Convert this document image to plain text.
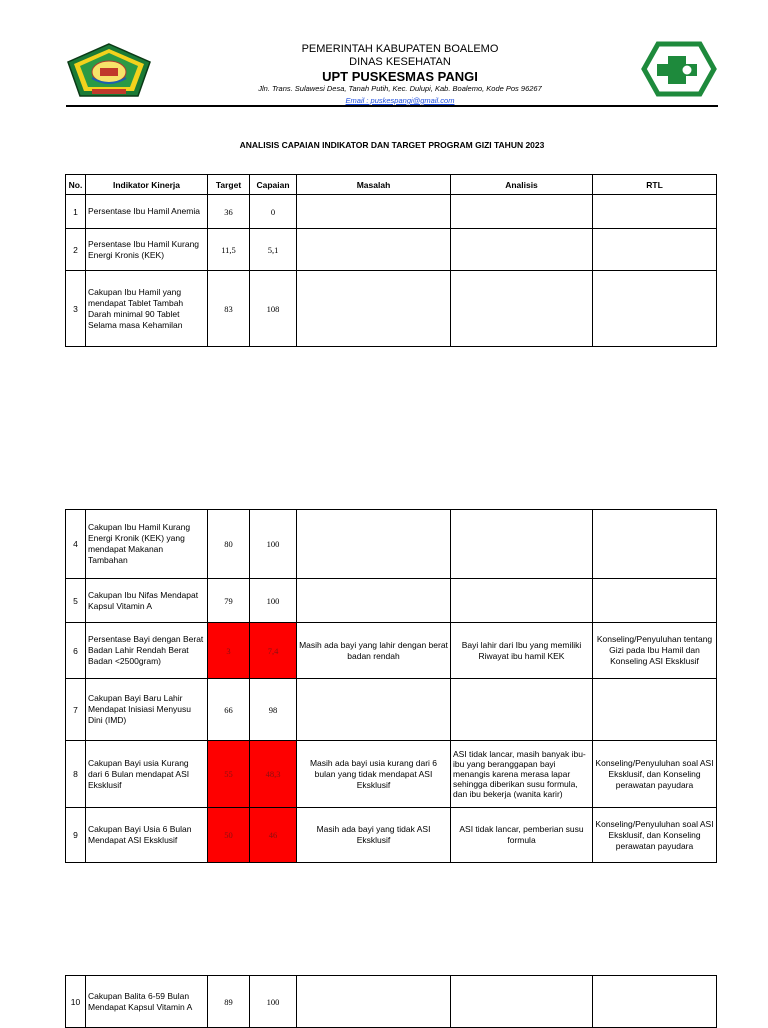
PEMERINTAH KABUPATEN BOALEMO
DINAS KESEHATAN
UPT PUSKESMAS PANGI
Jln. Trans. Sulawesi Desa, Tanah Putih, Kec. Dulupi, Kab. Boalemo, Kode Pos 96267
Email : puskespangi@gmail.com
ANALISIS CAPAIAN INDIKATOR DAN TARGET PROGRAM GIZI TAHUN 2023
No.	Indikator Kinerja	Target	Capaian	Masalah	Analisis	RTL
1	Persentase Ibu Hamil Anemia	36	0			
2	Persentase Ibu Hamil Kurang Energi Kronis (KEK)	11,5	5,1			
3	Cakupan Ibu Hamil yang mendapat Tablet Tambah Darah minimal 90 Tablet Selama masa Kehamilan	83	108			
4	Cakupan Ibu Hamil Kurang Energi Kronik (KEK) yang mendapat Makanan Tambahan	80	100			
5	Cakupan Ibu Nifas Mendapat Kapsul Vitamin A	79	100			
6	Persentase Bayi dengan Berat Badan Lahir Rendah Berat Badan <2500gram)	3	7,4	Masih ada bayi yang lahir dengan berat badan rendah	Bayi lahir dari Ibu yang memiliki Riwayat ibu hamil KEK	Konseling/Penyuluhan tentang Gizi pada Ibu Hamil dan Konseling ASI Eksklusif
7	Cakupan Bayi Baru Lahir Mendapat Inisiasi Menyusu Dini (IMD)	66	98			
8	Cakupan Bayi usia Kurang dari 6 Bulan mendapat ASI Eksklusif	55	48,3	Masih ada bayi usia kurang dari 6 bulan yang tidak mendapat ASI Eksklusif	ASI tidak lancar, masih banyak ibu-ibu yang beranggapan bayi menangis karena merasa lapar sehingga diberikan susu formula, dan ibu bekerja (wanita karir)	Konseling/Penyuluhan soal ASI Eksklusif, dan Konseling perawatan payudara
9	Cakupan Bayi Usia 6 Bulan Mendapat ASI Eksklusif	50	46	Masih ada bayi yang tidak ASI Eksklusif	ASI tidak lancar, pemberian susu formula	Konseling/Penyuluhan soal ASI Eksklusif, dan Konseling perawatan payudara
10	Cakupan Balita 6-59 Bulan Mendapat Kapsul Vitamin A	89	100			
